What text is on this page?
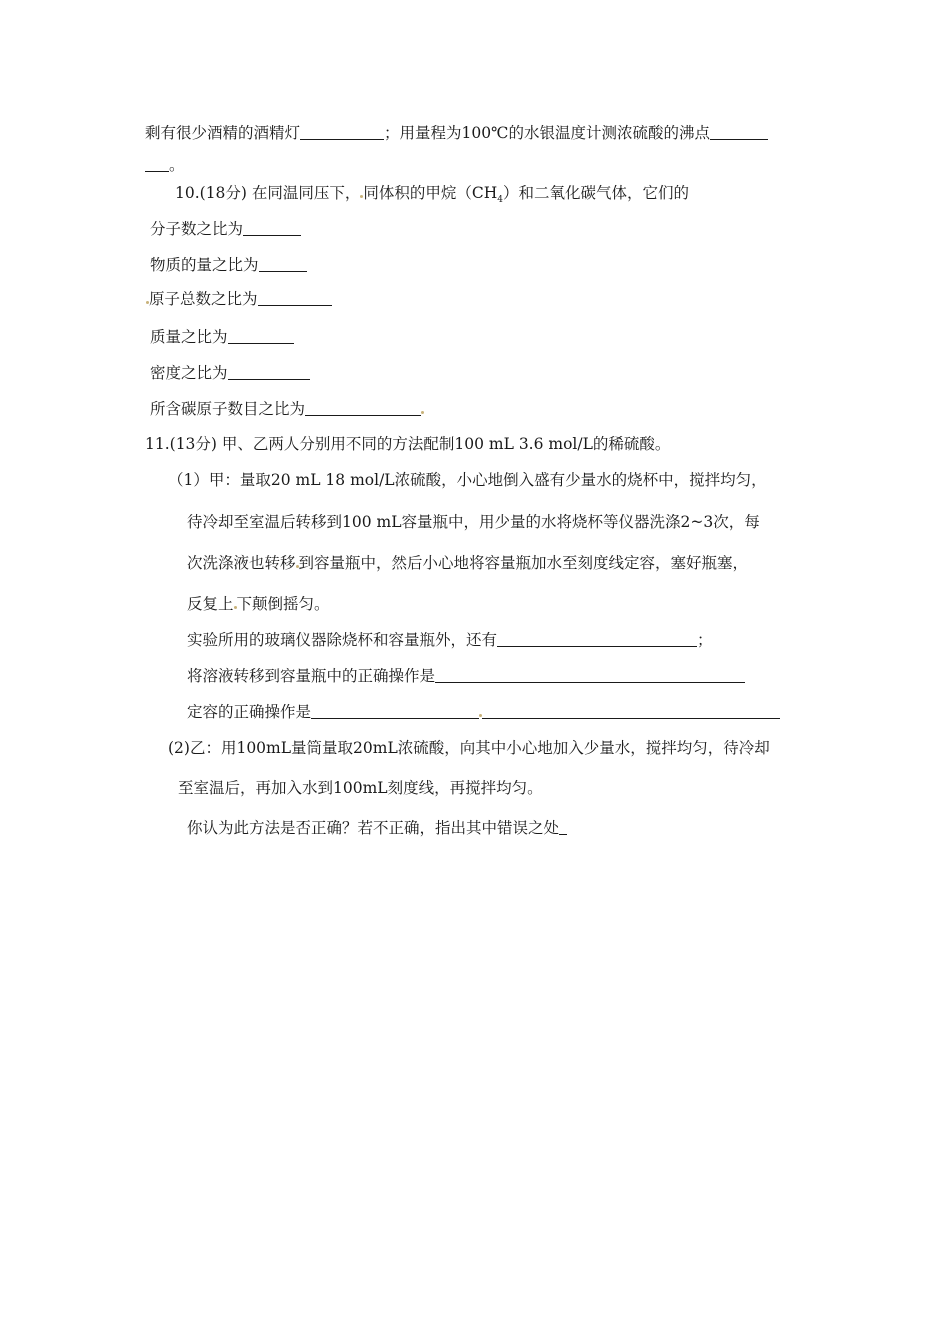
剩有很少酒精的酒精灯	；用量程为100℃的水银温度计测浓硫酸的沸点
。
10.(18分) 在同温同压下， 同体积的甲烷$(CH_4)$和二氧化碳气体，它们的
分子数之比为
物质的量之比为
原子总数之比为
质量之比为
密度之比为
所含碳原子数目之比为
11.(13分) 甲、乙两人分别用不同的方法配制100 mL 3.6 mol/L的稀硫酸。
（1）甲：量取20 mL 18 mol/L浓硫酸，小心地倒入盛有少量水的烧杯中，搅拌均匀，
待冷却至室温后转移到100 mL容量瓶中，用少量的水将烧杯等仪器洗涤2~3次，每
次洗涤液也转移 到容量瓶中，然后小心地将容量瓶加水至刻度线定容，塞好瓶塞，
反复上 下颠倒摇匀。
实验所用的玻璃仪器除烧杯和容量瓶外，还有	；
将溶液转移到容量瓶中的正确操作是
定容的正确操作是
(2)乙：用100mL量筒量取20mL浓硫酸，向其中小心地加入少量水，搅拌均匀，待冷却
至室温后，再加入水到100mL刻度线，再搅拌均匀。
你认为此方法是否正确？若不正确，指出其中错误之处
